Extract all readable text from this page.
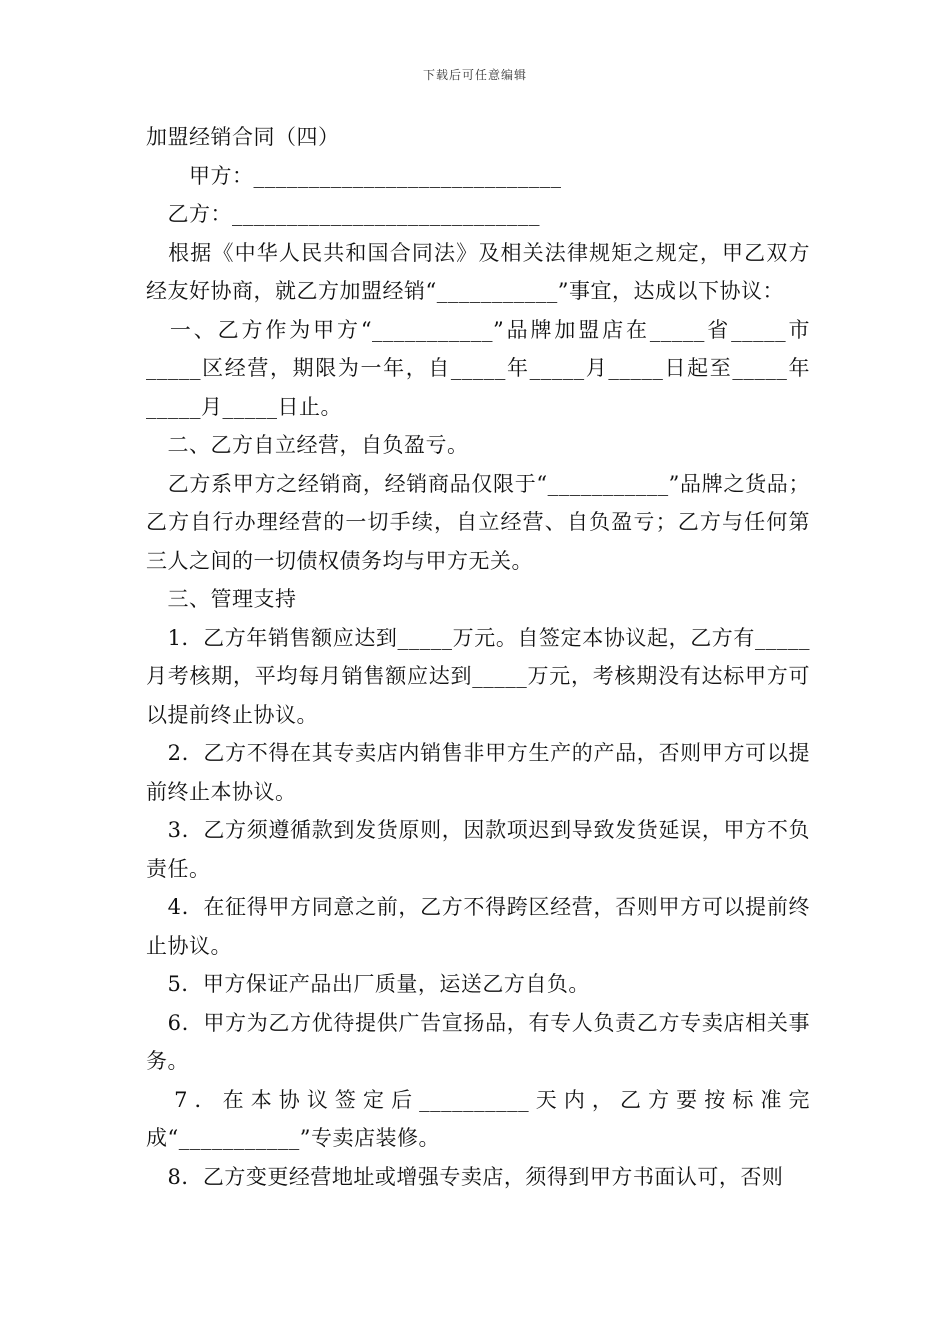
下载后可任意编辑

加盟经销合同（四）

　　甲方：____________________________

　乙方：____________________________

　根据《中华人民共和国合同法》及相关法律规矩之规定，甲乙双方经友好协商，就乙方加盟经销“___________”事宜，达成以下协议：

　一、乙方作为甲方“___________”品牌加盟店在_____省_____市_____区经营，期限为一年，自_____年_____月_____日起至_____年_____月_____日止。

　二、乙方自立经营，自负盈亏。

　乙方系甲方之经销商，经销商品仅限于“___________”品牌之货品；乙方自行办理经营的一切手续，自立经营、自负盈亏；乙方与任何第三人之间的一切债权债务均与甲方无关。

　三、管理支持

　1．乙方年销售额应达到_____万元。自签定本协议起，乙方有_____月考核期，平均每月销售额应达到_____万元，考核期没有达标甲方可以提前终止协议。

　2．乙方不得在其专卖店内销售非甲方生产的产品，否则甲方可以提前终止本协议。

　3．乙方须遵循款到发货原则，因款项迟到导致发货延误，甲方不负责任。

　4．在征得甲方同意之前，乙方不得跨区经营，否则甲方可以提前终止协议。

　5．甲方保证产品出厂质量，运送乙方自负。

　6．甲方为乙方优待提供广告宣扬品，有专人负责乙方专卖店相关事务。

　7．在本协议签定后__________天内，乙方要按标准完成“___________”专卖店装修。

　8．乙方变更经营地址或增强专卖店，须得到甲方书面认可，否则
